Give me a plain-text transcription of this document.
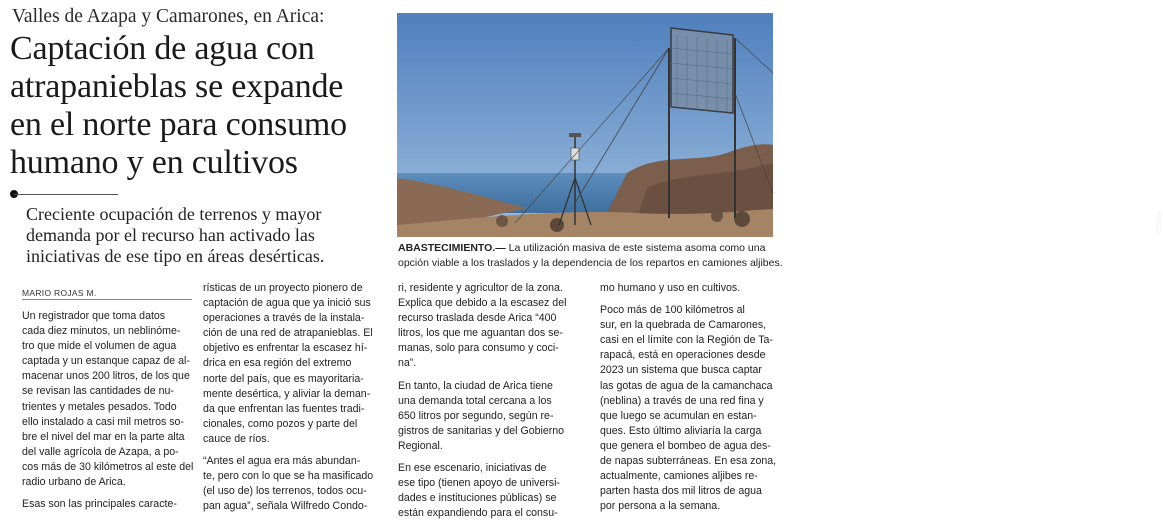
Valles de Azapa y Camarones, en Arica:
Captación de agua con
atrapanieblas se expande
en el norte para consumo
humano y en cultivos
Creciente ocupación de terrenos y mayor
demanda por el recurso han activado las
iniciativas de ese tipo en áreas desérticas.
CEDIDA
ABASTECIMIENTO.— La utilización masiva de este sistema asoma como una
opción viable a los traslados y la dependencia de los repartos en camiones aljibes.
MARIO ROJAS M.
Un registrador que toma datos
cada diez minutos, un neblinóme-
tro que mide el volumen de agua
captada y un estanque capaz de al-
macenar unos 200 litros, de los que
se revisan las cantidades de nu-
trientes y metales pesados. Todo
ello instalado a casi mil metros so-
bre el nivel del mar en la parte alta
del valle agrícola de Azapa, a po-
cos más de 30 kilómetros al este del
radio urbano de Arica.
Esas son las principales caracte-
rísticas de un proyecto pionero de
captación de agua que ya inició sus
operaciones a través de la instala-
ción de una red de atrapanieblas. El
objetivo es enfrentar la escasez hí-
drica en esa región del extremo
norte del país, que es mayoritaria-
mente desértica, y aliviar la deman-
da que enfrentan las fuentes tradi-
cionales, como pozos y parte del
cauce de ríos.
“Antes el agua era más abundan-
te, pero con lo que se ha masificado
(el uso de) los terrenos, todos ocu-
pan agua”, señala Wilfredo Condo-
ri, residente y agricultor de la zona.
Explica que debido a la escasez del
recurso traslada desde Arica “400
litros, los que me aguantan dos se-
manas, solo para consumo y coci-
na”.
En tanto, la ciudad de Arica tiene
una demanda total cercana a los
650 litros por segundo, según re-
gistros de sanitarias y del Gobierno
Regional.
En ese escenario, iniciativas de
ese tipo (tienen apoyo de universi-
dades e instituciones públicas) se
están expandiendo para el consu-
mo humano y uso en cultivos.
Poco más de 100 kilómetros al
sur, en la quebrada de Camarones,
casi en el límite con la Región de Ta-
rapacá, está en operaciones desde
2023 un sistema que busca captar
las gotas de agua de la camanchaca
(neblina) a través de una red fina y
que luego se acumulan en estan-
ques. Esto último aliviaría la carga
que genera el bombeo de agua des-
de napas subterráneas. En esa zona,
actualmente, camiones aljibes re-
parten hasta dos mil litros de agua
por persona a la semana.
